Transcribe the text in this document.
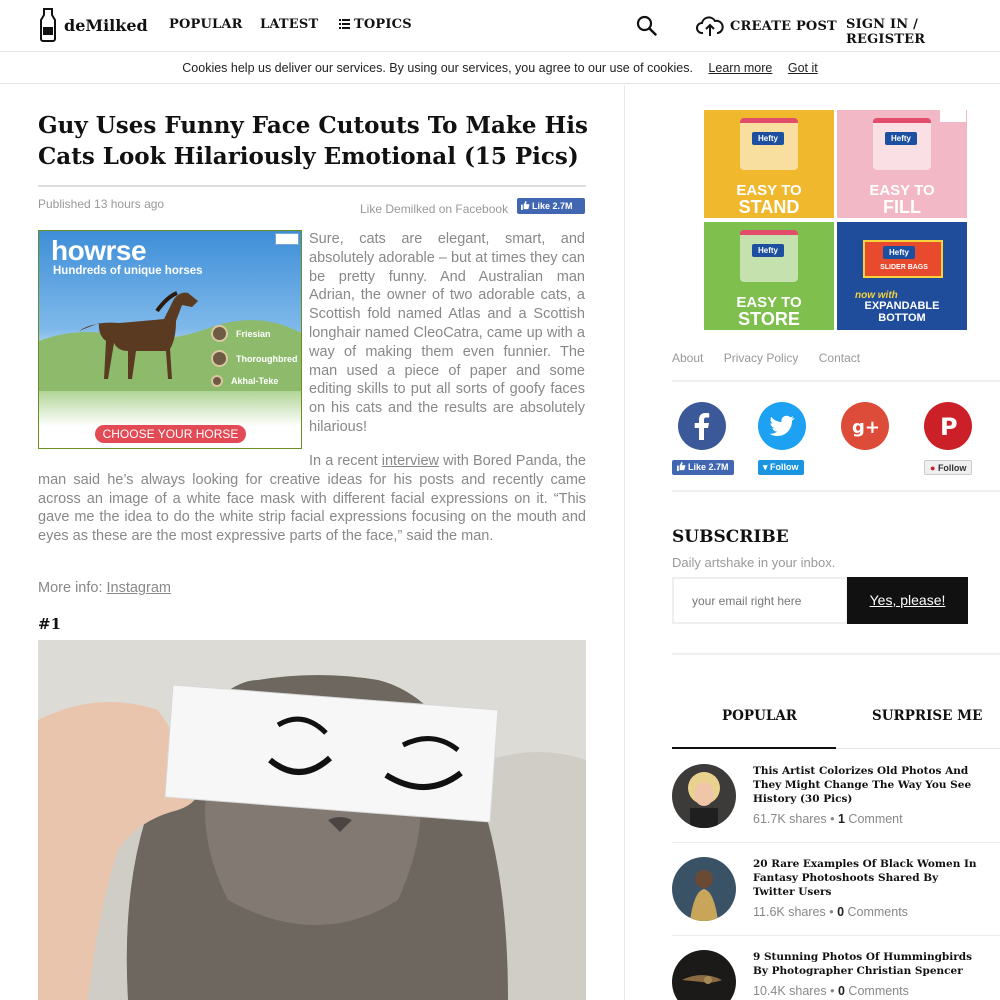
deMilked POPULAR LATEST	TOPICS	CREATE POST SIGN IN / REGISTER
Cookies help us deliver our services. By using our services, you agree to our use of cookies. Learn more Got it
Guy Uses Funny Face Cutouts To Make His Cats Look Hilariously Emotional (15 Pics)
Published 13 hours ago	Like Demilked on Facebook	Like 2.7M
howrse
Hundreds of unique horses
Friesian
Thoroughbred
Akhal-Teke
CHOOSE YOUR HORSE

Sure, cats are elegant, smart, and absolutely adorable – but at times they can be pretty funny. And Australian man Adrian, the owner of two adorable cats, a Scottish fold named Atlas and a Scottish longhair named CleoCatra, came up with a way of making them even funnier. The man used a piece of paper and some editing skills to put all sorts of goofy faces on his cats and the results are absolutely hilarious!

In a recent interview with Bored Panda, the man said he’s always looking for creative ideas for his posts and recently came across an image of a white face mask with different facial expressions on it. “This gave me the idea to do the white strip facial expressions focusing on the mouth and eyes as these are the most expressive parts of the face,” said the man.

More info: Instagram
#1
Hefty
EASY TO
STAND
Hefty
EASY TO
FILL
Hefty
EASY TO
STORE
Hefty
SLIDER BAGS
now with
EXPANDABLE BOTTOM
About Privacy Policy Contact
g+	P
Like 2.7M	▾ Follow	● Follow
SUBSCRIBE
Daily artshake in your inbox.
your email right here
Yes, please!
POPULAR	SURPRISE ME
This Artist Colorizes Old Photos And They Might Change The Way You See History (30 Pics)
61.7K shares • 1 Comment
20 Rare Examples Of Black Women In Fantasy Photoshoots Shared By Twitter Users
11.6K shares • 0 Comments
9 Stunning Photos Of Hummingbirds By Photographer Christian Spencer
10.4K shares • 0 Comments
